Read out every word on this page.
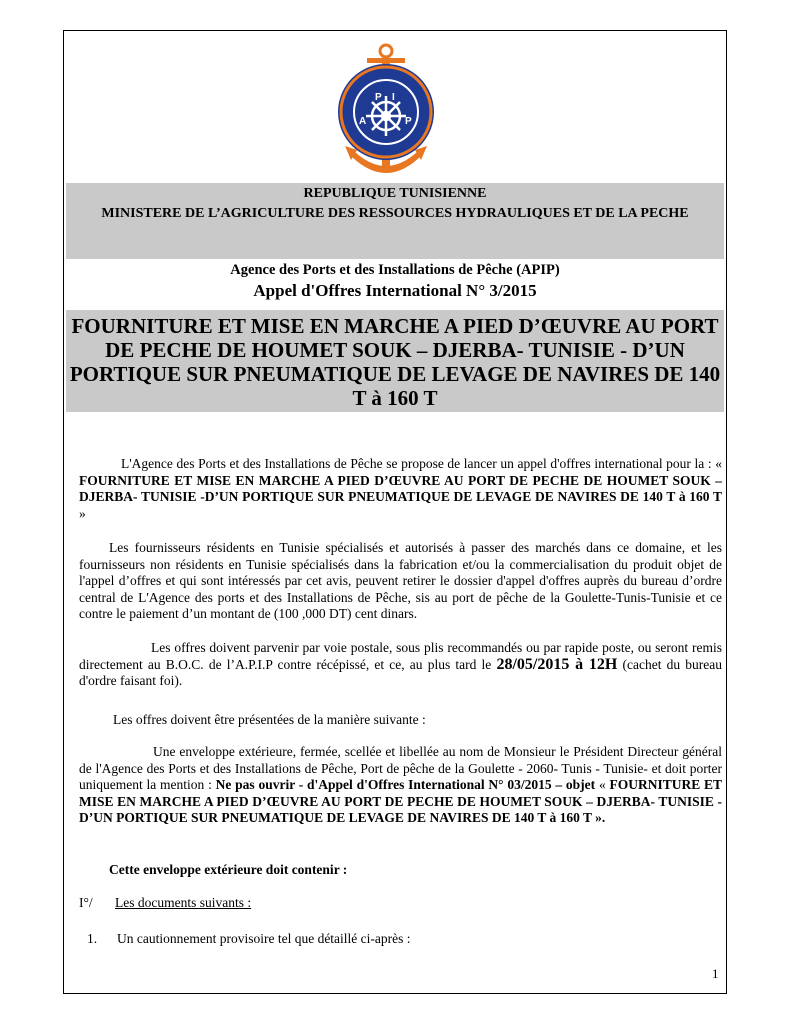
P
A
I
P
REPUBLIQUE TUNISIENNE
MINISTERE DE L’AGRICULTURE DES RESSOURCES HYDRAULIQUES ET DE LA PECHE
Agence des Ports et des Installations de Pêche (APIP)
Appel d'Offres International N° 3/2015
FOURNITURE ET MISE EN MARCHE A PIED D’ŒUVRE AU PORT DE PECHE DE HOUMET SOUK – DJERBA- TUNISIE - D’UN PORTIQUE SUR PNEUMATIQUE DE LEVAGE DE NAVIRES DE 140 T à 160 T
L'Agence des Ports et des Installations de Pêche se propose de lancer un appel d'offres international pour la : « FOURNITURE ET MISE EN MARCHE A PIED D’ŒUVRE AU PORT DE PECHE DE HOUMET SOUK – DJERBA- TUNISIE -D’UN PORTIQUE SUR PNEUMATIQUE DE LEVAGE DE NAVIRES DE 140 T à 160 T »
Les fournisseurs résidents en Tunisie spécialisés et autorisés à passer des marchés dans ce domaine, et les fournisseurs non résidents en Tunisie spécialisés dans la fabrication et/ou la commercialisation du produit objet de l'appel d’offres et qui sont intéressés par cet avis, peuvent retirer le dossier d'appel d'offres auprès du bureau d’ordre central de L'Agence des ports et des Installations de Pêche, sis au port de pêche de la Goulette-Tunis-Tunisie et ce contre le paiement d’un montant de (100 ,000 DT) cent dinars.
Les offres doivent parvenir par voie postale, sous plis recommandés ou par rapide poste, ou seront remis directement au B.O.C. de l’A.P.I.P contre récépissé, et ce, au plus tard le 28/05/2015 à 12H (cachet du bureau d'ordre faisant foi).
Les offres doivent être présentées de la manière suivante :
Une enveloppe extérieure, fermée, scellée et libellée au nom de Monsieur le Président Directeur général de l'Agence des Ports et des Installations de Pêche, Port de pêche de la Goulette - 2060- Tunis - Tunisie- et doit porter uniquement la mention : Ne pas ouvrir - d'Appel d'Offres International N° 03/2015 – objet « FOURNITURE ET MISE EN MARCHE A PIED D’ŒUVRE AU PORT DE PECHE DE HOUMET SOUK – DJERBA- TUNISIE -D’UN PORTIQUE SUR PNEUMATIQUE DE LEVAGE DE NAVIRES DE 140 T à 160 T ».
Cette enveloppe extérieure doit contenir :
I°/ Les documents suivants :
1. Un cautionnement provisoire tel que détaillé ci-après :
1
